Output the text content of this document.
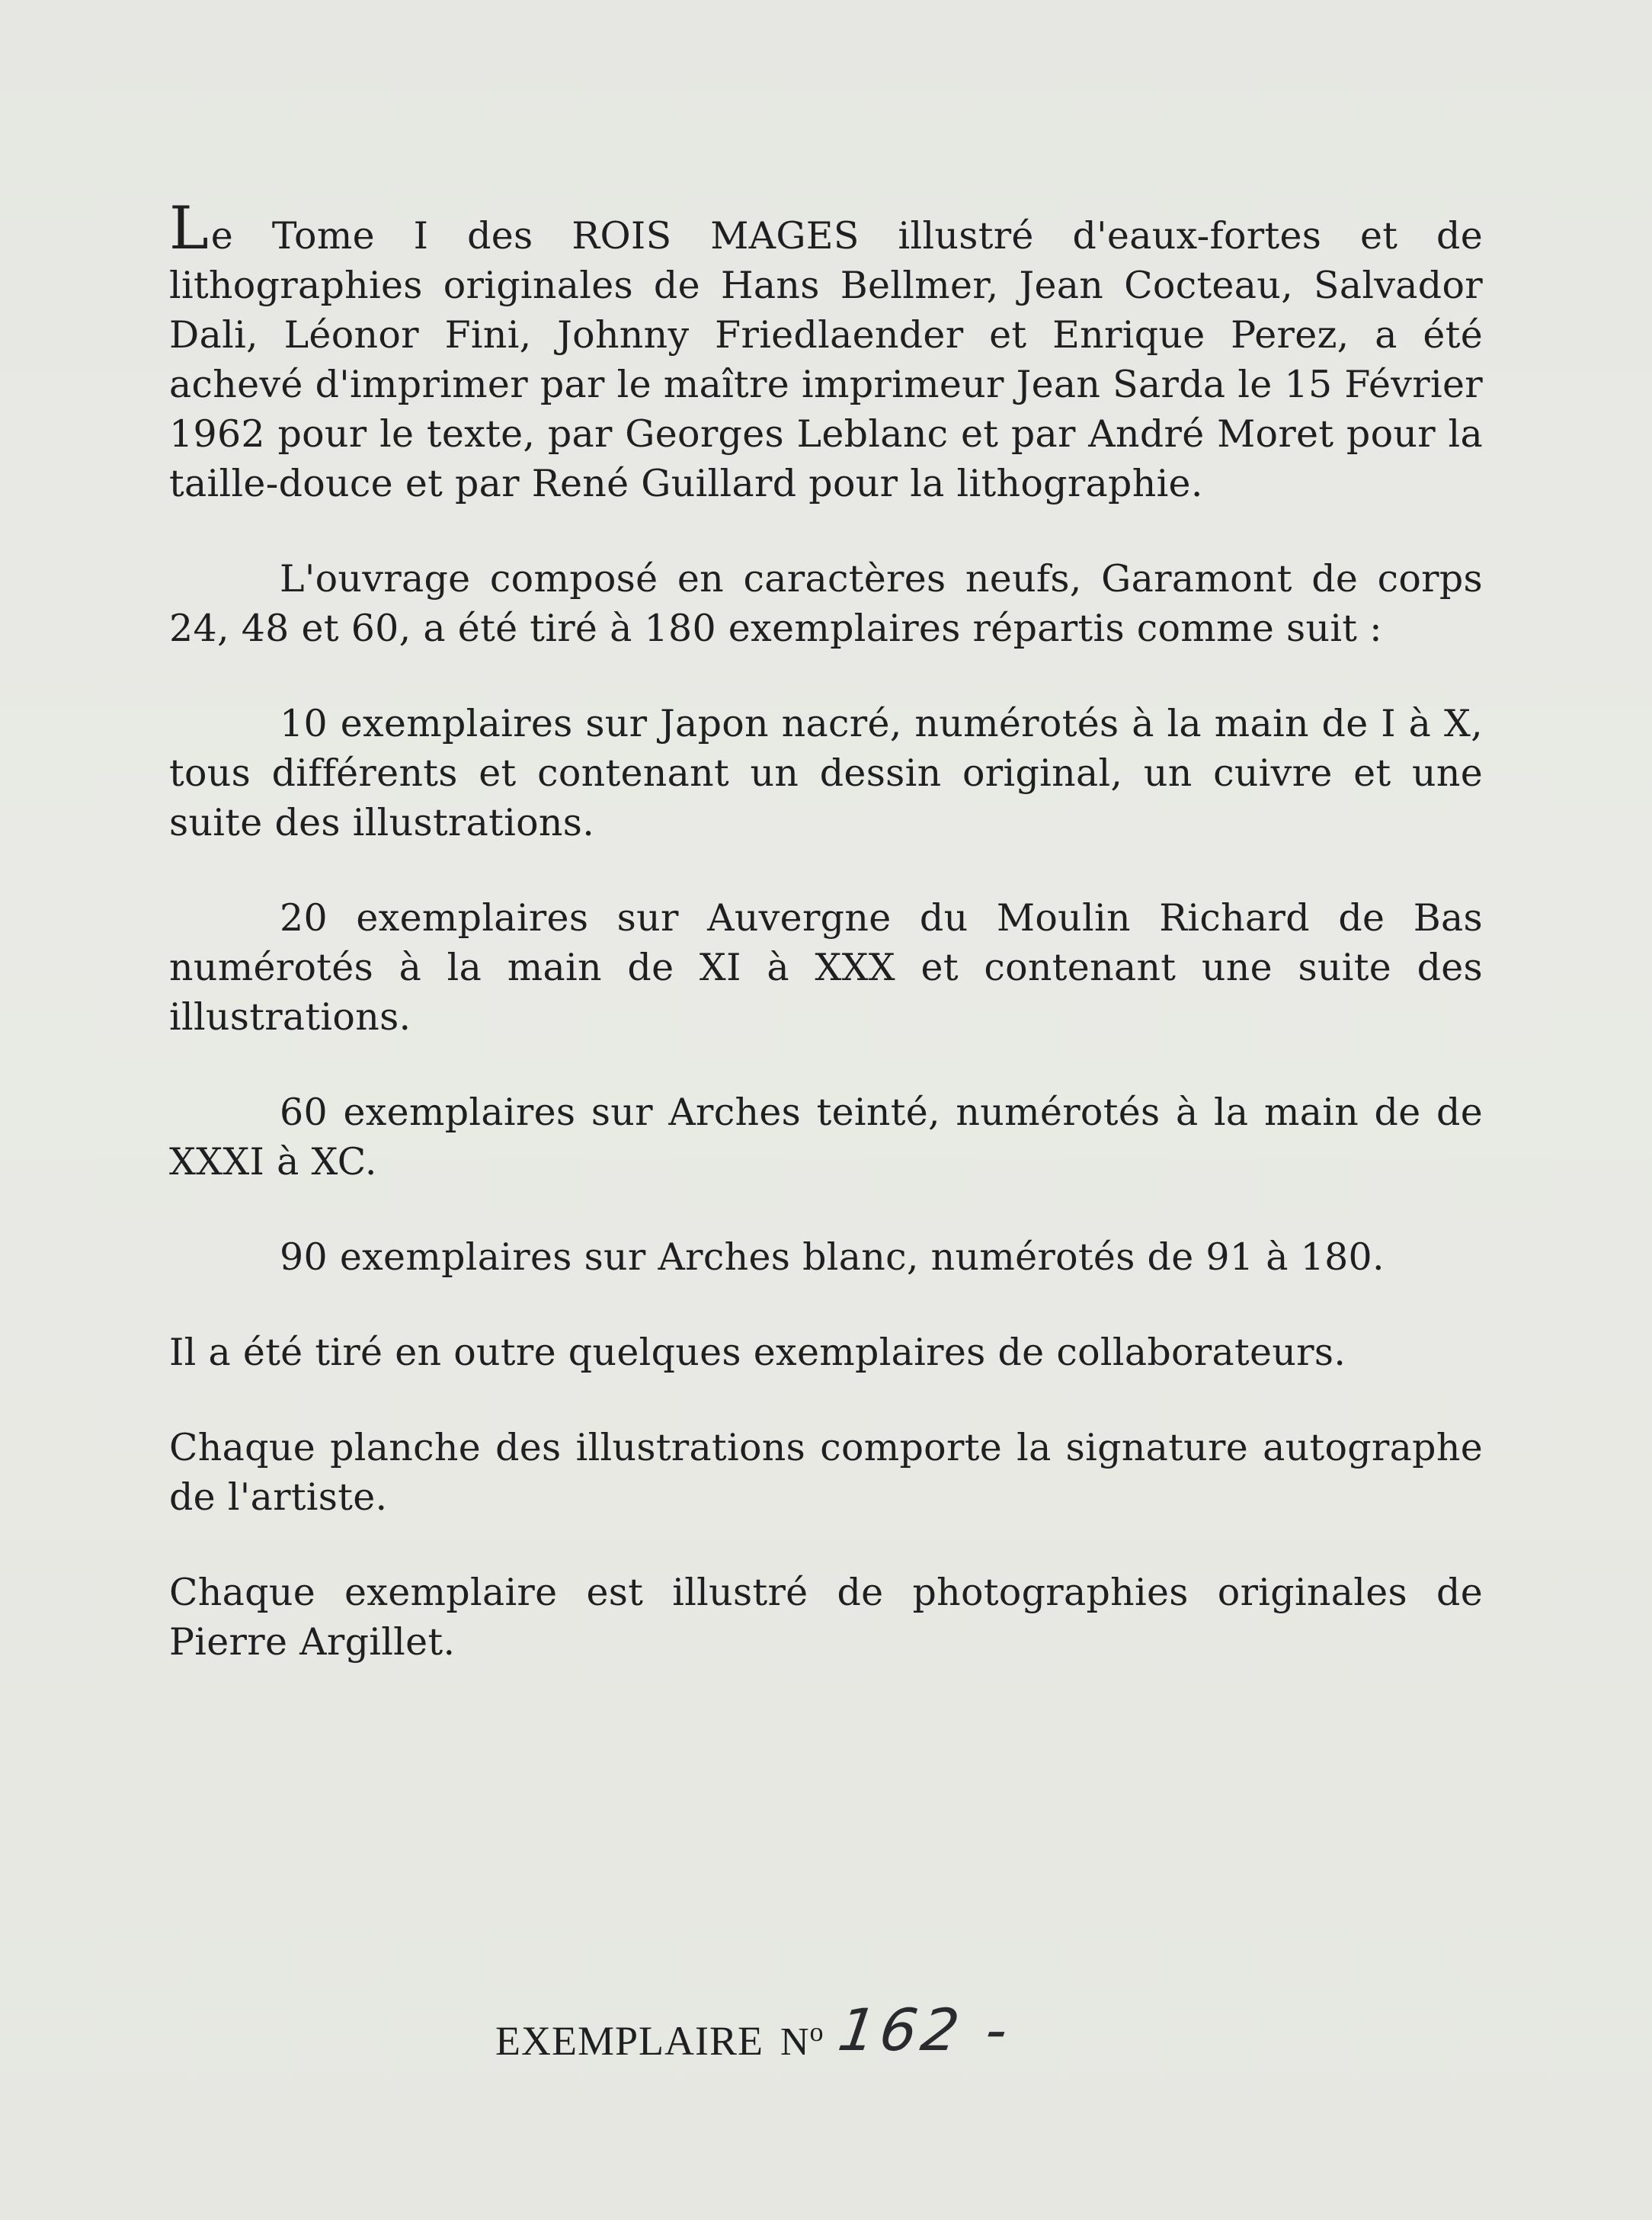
Le Tome I des ROIS MAGES illustré d'eaux-fortes et de lithographies originales de Hans Bellmer, Jean Cocteau, Salvador Dali, Léonor Fini, Johnny Friedlaender et Enrique Perez, a été achevé d'imprimer par le maître imprimeur Jean Sarda le 15 Février 1962 pour le texte, par Georges Leblanc et par André Moret pour la taille-douce et par René Guillard pour la lithographie.

L'ouvrage composé en caractères neufs, Garamont de corps 24, 48 et 60, a été tiré à 180 exemplaires répartis comme suit :

10 exemplaires sur Japon nacré, numérotés à la main de I à X, tous différents et contenant un dessin original, un cuivre et une suite des illustrations.

20 exemplaires sur Auvergne du Moulin Richard de Bas numérotés à la main de XI à XXX et contenant une suite des illustrations.

60 exemplaires sur Arches teinté, numérotés à la main de de XXXI à XC.

90 exemplaires sur Arches blanc, numérotés de 91 à 180.

Il a été tiré en outre quelques exemplaires de collaborateurs.

Chaque planche des illustrations comporte la signature autographe de l'artiste.

Chaque exemplaire est illustré de photographies originales de Pierre Argillet.

EXEMPLAIRE $N^o$ 162 -
